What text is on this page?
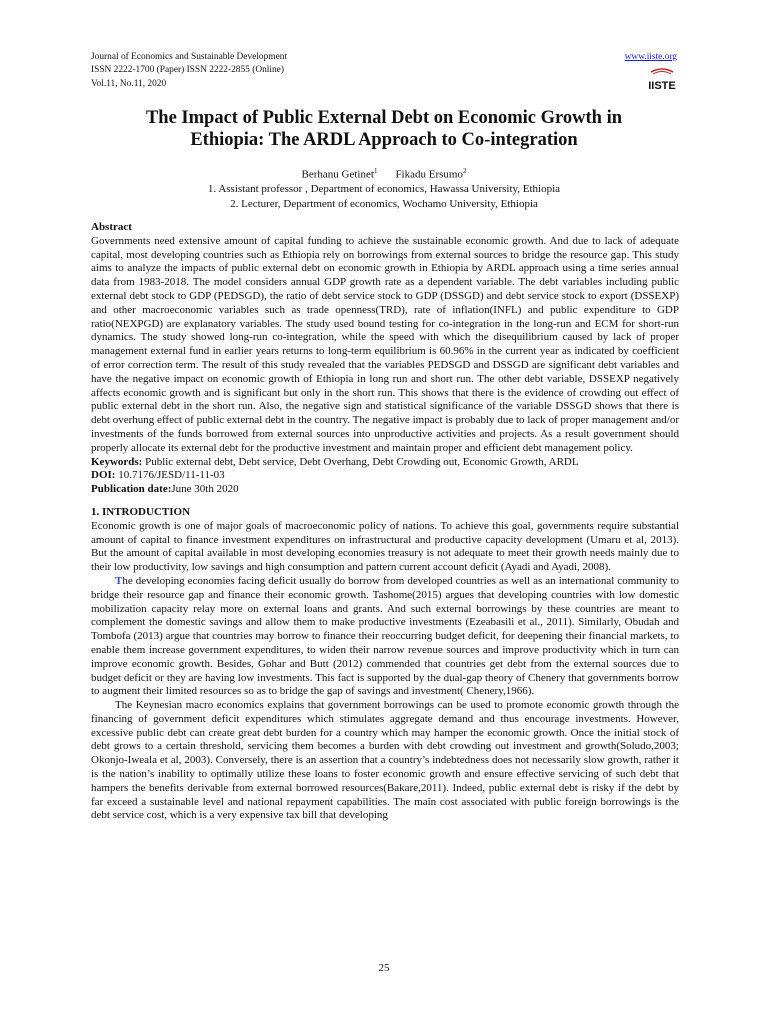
Journal of Economics and Sustainable Development
ISSN 2222-1700 (Paper) ISSN 2222-2855 (Online)
Vol.11, No.11, 2020
www.iiste.org
IISTE
The Impact of Public External Debt on Economic Growth in
Ethiopia: The ARDL Approach to Co-integration
Berhanu Getinet$^1$ Fikadu Ersumo$^2$
1. Assistant professor , Department of economics, Hawassa University, Ethiopia
2. Lecturer, Department of economics, Wochamo University, Ethiopia
Abstract

Governments need extensive amount of capital funding to achieve the sustainable economic growth. And due to lack of adequate capital, most developing countries such as Ethiopia rely on borrowings from external sources to bridge the resource gap. This study aims to analyze the impacts of public external debt on economic growth in Ethiopia by ARDL approach using a time series annual data from 1983-2018. The model considers annual GDP growth rate as a dependent variable. The debt variables including public external debt stock to GDP (PEDSGD), the ratio of debt service stock to GDP (DSSGD) and debt service stock to export (DSSEXP) and other macroeconomic variables such as trade openness(TRD), rate of inflation(INFL) and public expenditure to GDP ratio(NEXPGD) are explanatory variables. The study used bound testing for co-integration in the long-run and ECM for short-run dynamics. The study showed long-run co-integration, while the speed with which the disequilibrium caused by lack of proper management external fund in earlier years returns to long-term equilibrium is 60.96% in the current year as indicated by coefficient of error correction term. The result of this study revealed that the variables PEDSGD and DSSGD are significant debt variables and have the negative impact on economic growth of Ethiopia in long run and short run. The other debt variable, DSSEXP negatively affects economic growth and is significant but only in the short run. This shows that there is the evidence of crowding out effect of public external debt in the short run. Also, the negative sign and statistical significance of the variable DSSGD shows that there is debt overhung effect of public external debt in the country. The negative impact is probably due to lack of proper management and/or investments of the funds borrowed from external sources into unproductive activities and projects. As a result government should properly allocate its external debt for the productive investment and maintain proper and efficient debt management policy.

Keywords: Public external debt, Debt service, Debt Overhang, Debt Crowding out, Economic Growth, ARDL
DOI: 10.7176/JESD/11-11-03
Publication date:June 30th 2020
1. INTRODUCTION

Economic growth is one of major goals of macroeconomic policy of nations. To achieve this goal, governments require substantial amount of capital to finance investment expenditures on infrastructural and productive capacity development (Umaru et al, 2013). But the amount of capital available in most developing economies treasury is not adequate to meet their growth needs mainly due to their low productivity, low savings and high consumption and pattern current account deficit (Ayadi and Ayadi, 2008).

The developing economies facing deficit usually do borrow from developed countries as well as an international community to bridge their resource gap and finance their economic growth. Tashome(2015) argues that developing countries with low domestic mobilization capacity relay more on external loans and grants. And such external borrowings by these countries are meant to complement the domestic savings and allow them to make productive investments (Ezeabasili et al., 2011). Similarly, Obudah and Tombofa (2013) argue that countries may borrow to finance their reoccurring budget deficit, for deepening their financial markets, to enable them increase government expenditures, to widen their narrow revenue sources and improve productivity which in turn can improve economic growth. Besides, Gohar and Butt (2012) commended that countries get debt from the external sources due to budget deficit or they are having low investments. This fact is supported by the dual-gap theory of Chenery that governments borrow to augment their limited resources so as to bridge the gap of savings and investment( Chenery,1966).

The Keynesian macro economics explains that government borrowings can be used to promote economic growth through the financing of government deficit expenditures which stimulates aggregate demand and thus encourage investments. However, excessive public debt can create great debt burden for a country which may hamper the economic growth. Once the initial stock of debt grows to a certain threshold, servicing them becomes a burden with debt crowding out investment and growth(Soludo,2003; Okonjo-Iweala et al, 2003). Conversely, there is an assertion that a country’s indebtedness does not necessarily slow growth, rather it is the nation’s inability to optimally utilize these loans to foster economic growth and ensure effective servicing of such debt that hampers the benefits derivable from external borrowed resources(Bakare,2011). Indeed, public external debt is risky if the debt by far exceed a sustainable level and national repayment capabilities. The main cost associated with public foreign borrowings is the debt service cost, which is a very expensive tax bill that developing

25
